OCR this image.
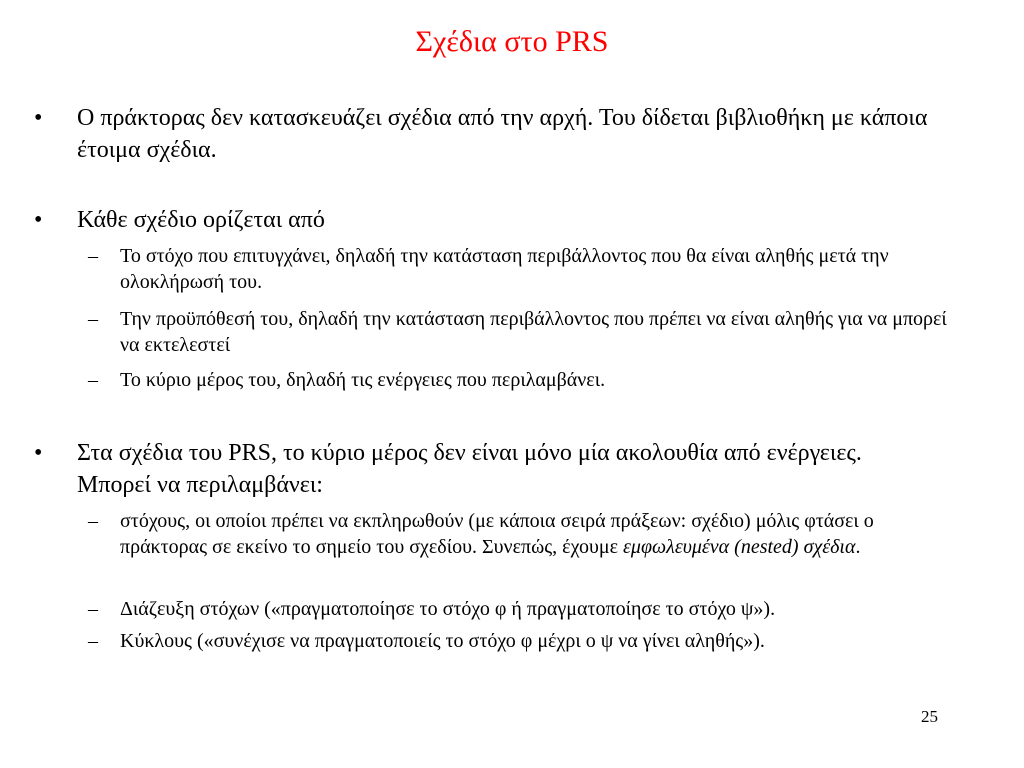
Σχέδια στο PRS
•	Ο πράκτορας δεν κατασκευάζει σχέδια από την αρχή. Του δίδεται βιβλιοθήκη με κάποια έτοιμα σχέδια.
•	Κάθε σχέδιο ορίζεται από
– Το στόχο που επιτυγχάνει, δηλαδή την κατάσταση περιβάλλοντος που θα είναι αληθής μετά την ολοκλήρωσή του.
– Την προϋπόθεσή του, δηλαδή την κατάσταση περιβάλλοντος που πρέπει να είναι αληθής για να μπορεί να εκτελεστεί
– Το κύριο μέρος του, δηλαδή τις ενέργειες που περιλαμβάνει.
•	Στα σχέδια του PRS, το κύριο μέρος δεν είναι μόνο μία ακολουθία από ενέργειες. Μπορεί να περιλαμβάνει:
– στόχους, οι οποίοι πρέπει να εκπληρωθούν (με κάποια σειρά πράξεων: σχέδιο) μόλις φτάσει ο πράκτορας σε εκείνο το σημείο του σχεδίου. Συνεπώς, έχουμε εμφωλευμένα (nested) σχέδια.
– Διάζευξη στόχων («πραγματοποίησε το στόχο φ ή πραγματοποίησε το στόχο ψ»).
– Κύκλους («συνέχισε να πραγματοποιείς το στόχο φ μέχρι ο ψ να γίνει αληθής»).
25
